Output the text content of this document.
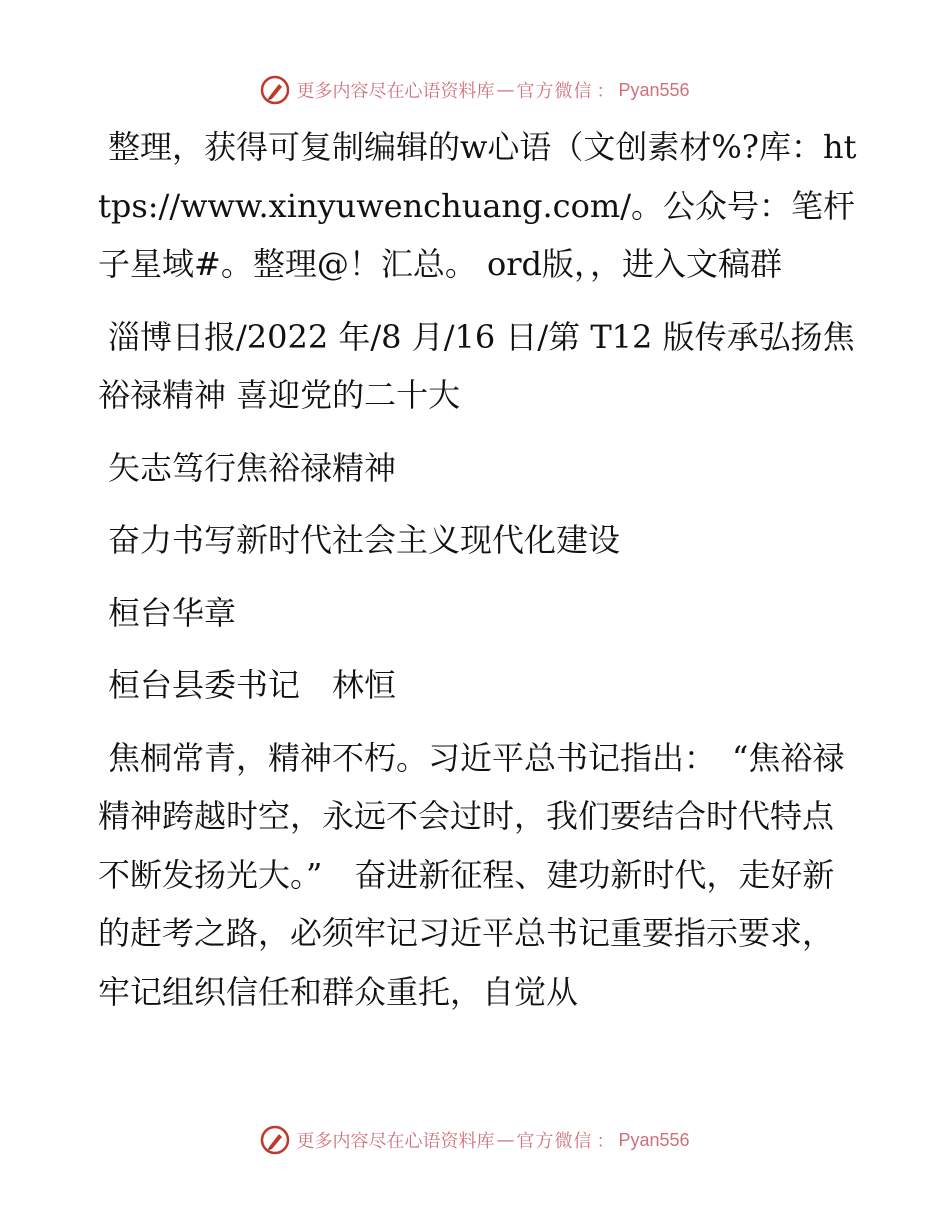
更多内容尽在心语资料库 — 官方微信 ： Pyan556

整理，获得可复制编辑的w心语（文创素材%?库：https://www.xinyuwenchuang.com/。公众号：笔杆子星域#。整理@！汇总。 ord版，，进入文稿群

淄博日报/2022 年/8 月/16 日/第 T12 版传承弘扬焦裕禄精神 喜迎党的二十大

矢志笃行焦裕禄精神

奋力书写新时代社会主义现代化建设

桓台华章

桓台县委书记　林恒

焦桐常青，精神不朽。习近平总书记指出：　“焦裕禄精神跨越时空，永远不会过时，我们要结合时代特点不断发扬光大。”　奋进新征程、建功新时代，走好新的赶考之路，必须牢记习近平总书记重要指示要求，牢记组织信任和群众重托，自觉从

更多内容尽在心语资料库 — 官方微信 ： Pyan556
